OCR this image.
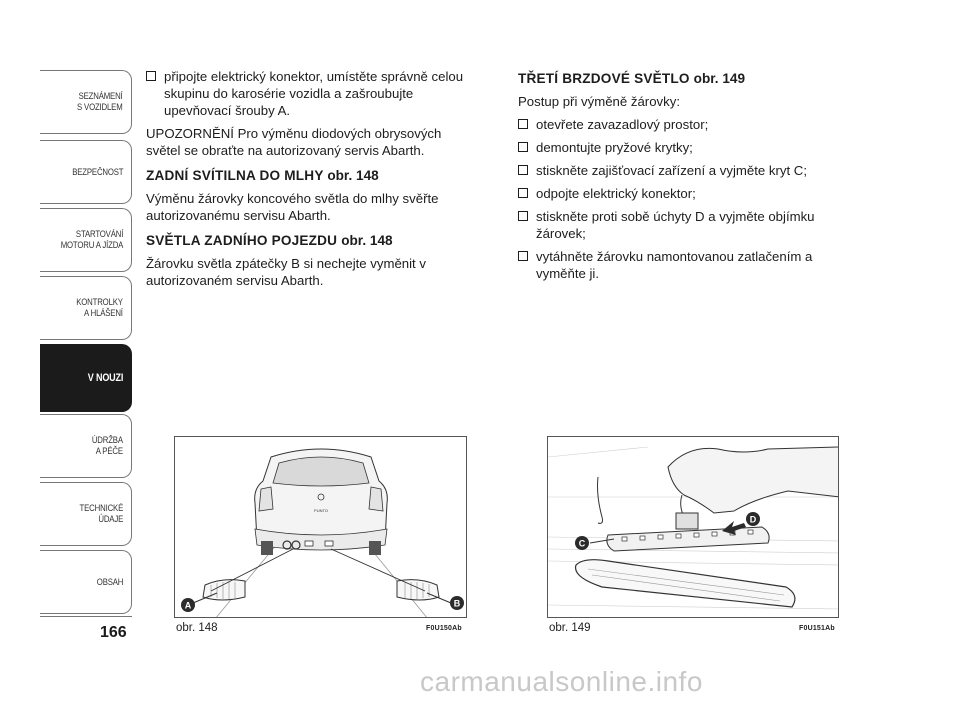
SEZNÁMENÍ
S VOZIDLEM
BEZPEČNOST
STARTOVÁNÍ
MOTORU A JÍZDA
KONTROLKY
A HLÁŠENÍ
V NOUZI
ÚDRŽBA
A PÉČE
TECHNICKÉ
ÚDAJE
OBSAH
166
připojte elektrický konektor, umístěte správně celou skupinu do karosérie vozidla a zašroubujte upevňovací šrouby A.

UPOZORNĚNÍ Pro výměnu diodových obrysových světel se obraťte na autorizovaný servis Abarth.

ZADNÍ SVÍTILNA DO MLHY obr. 148

Výměnu žárovky koncového světla do mlhy svěřte autorizovanému servisu Abarth.

SVĚTLA ZADNÍHO POJEZDU obr. 148

Žárovku světla zpátečky B si nechejte vyměnit v autorizovaném servisu Abarth.

TŘETÍ BRZDOVÉ SVĚTLO obr. 149

Postup při výměně žárovky:

otevřete zavazadlový prostor;
demontujte pryžové krytky;
stiskněte zajišťovací zařízení a vyjměte kryt C;
odpojte elektrický konektor;
stiskněte proti sobě úchyty D a vyjměte objímku žárovek;
vytáhněte žárovku namontovanou zatlačením a vyměňte ji.
PUNTO
A	B
obr. 148	F0U150Ab
C
D
obr. 149	F0U151Ab
carmanualsonline.info
